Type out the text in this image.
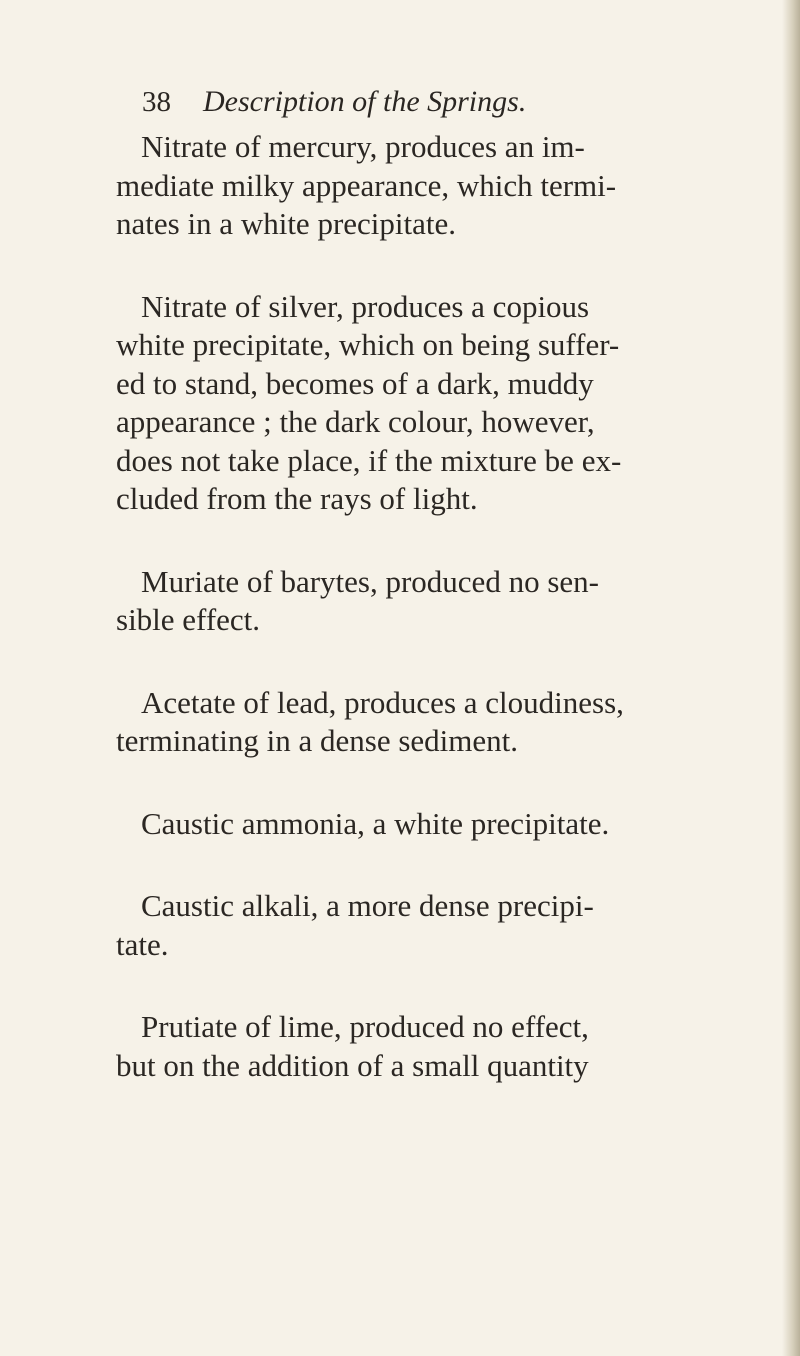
38 Description of the Springs.

Nitrate of mercury, produces an im-
mediate milky appearance, which termi-
nates in a white precipitate.

Nitrate of silver, produces a copious
white precipitate, which on being suffer-
ed to stand, becomes of a dark, muddy
appearance ; the dark colour, however,
does not take place, if the mixture be ex-
cluded from the rays of light.

Muriate of barytes, produced no sen-
sible effect.

Acetate of lead, produces a cloudiness,
terminating in a dense sediment.

Caustic ammonia, a white precipitate.

Caustic alkali, a more dense precipi-
tate.

Prutiate of lime, produced no effect,
but on the addition of a small quantity
